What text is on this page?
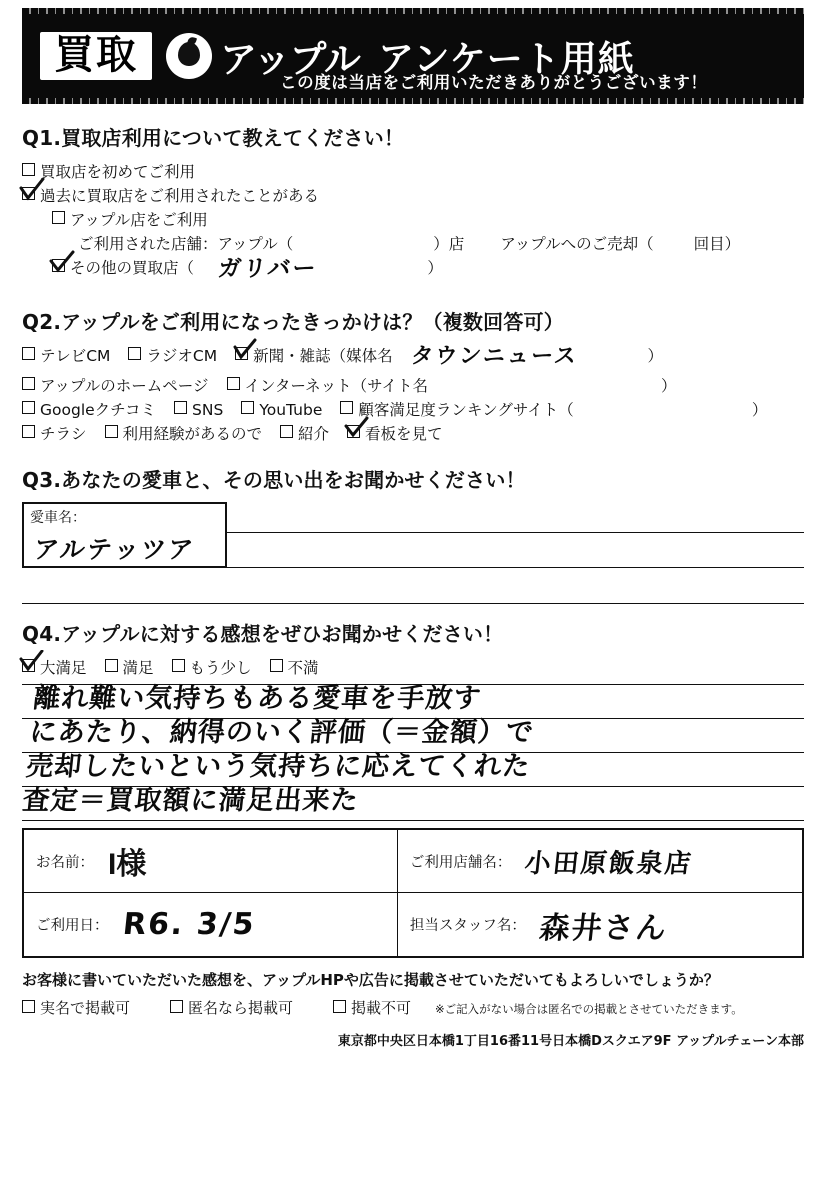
買取	アップル アンケート用紙
この度は当店をご利用いただきありがとうございます！
Q1.買取店利用について教えてください！
買取店を初めてご利用
過去に買取店をご利用されたことがある
アップル店をご利用
ご利用された店舗：アップル（	）店 アップルへのご売却（	回目）
その他の買取店（ ガリバー	）
Q2.アップルをご利用になったきっかけは？（複数回答可）
テレビCM ラジオCM 新聞・雑誌（媒体名 タウンニュース	）
アップルのホームページ インターネット（サイト名	）
Googleクチコミ SNS YouTube 顧客満足度ランキングサイト（	）
チラシ 利用経験があるので 紹介 看板を見て
Q3.あなたの愛車と、その思い出をお聞かせください！
愛車名：
アルテッツア
Q4.アップルに対する感想をぜひお聞かせください！
大満足 満足 もう少し 不満
離れ難い気持ちもある愛車を手放す
にあたり、納得のいく評価（＝金額）で
売却したいという気持ちに応えてくれた
査定＝買取額に満足出来た
お名前： I様	ご利用店舗名： 小田原飯泉店

ご利用日： R6. 3/5	担当スタッフ名： 森井さん
お客様に書いていただいた感想を、アップルHPや広告に掲載させていただいてもよろしいでしょうか？
実名で掲載可	匿名なら掲載可	掲載不可 ※ご記入がない場合は匿名での掲載とさせていただきます。
東京都中央区日本橋1丁目16番11号日本橋Dスクエア9F アップルチェーン本部
